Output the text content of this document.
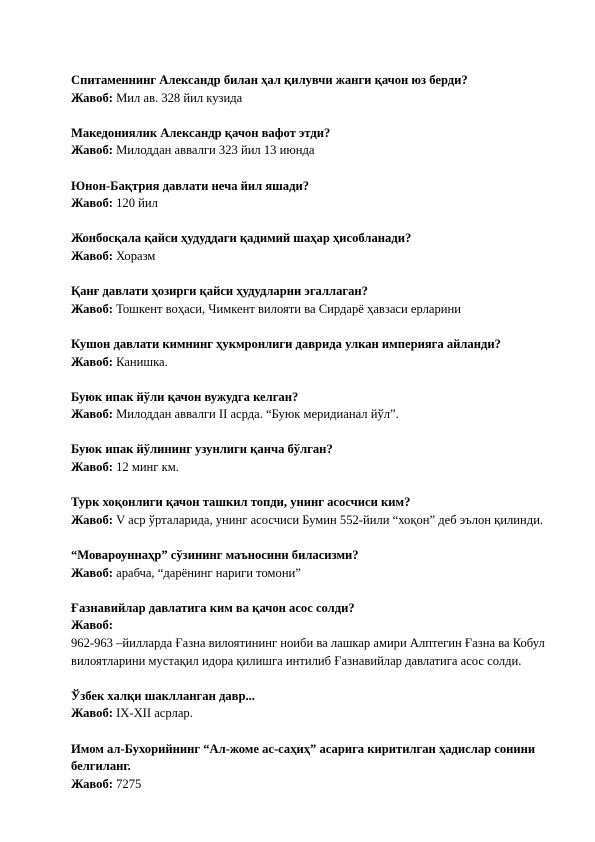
Спитаменнинг Александр билан ҳал қилувчи жанги қачон юз берди?
Жавоб: Мил ав. 328 йил кузида
Македониялик Александр қачон вафот этди?
Жавоб: Милоддан аввалги 323 йил 13 июнда
Юнон-Бақтрия давлати неча йил яшади?
Жавоб: 120 йил
Жонбосқала қайси ҳудуддаги қадимий шаҳар ҳисобланади?
Жавоб: Хоразм
Қанғ давлати ҳозирги қайси ҳудудларни эгаллаган?
Жавоб: Тошкент воҳаси, Чимкент вилояти ва Сирдарё ҳавзаси ерларини
Кушон давлати кимнинг ҳукмронлиги даврида улкан империяга айланди?
Жавоб: Канишка.
Буюк ипак йўли қачон вужудга келган?
Жавоб: Милоддан аввалги II асрда. “Буюк меридианал йўл”.
Буюк ипак йўлининг узунлиги қанча бўлган?
Жавоб: 12 минг км.
Турк хоқонлиги қачон ташкил топди, унинг асосчиси ким?
Жавоб: V аср ўрталарида, унинг асосчиси Бумин 552-йили “хоқон” деб эълон қилинди.
“Мовароуннаҳр” сўзининг маъносини биласизми?
Жавоб: арабча, “дарёнинг нариги томони”
Ғазнавийлар давлатига ким ва қачон асос солди?
Жавоб:
962-963 –йилларда Ғазна вилоятининг ноиби ва лашкар амири Алптегин Ғазна ва Кобул вилоятларини мустақил идора қилишга интилиб Ғазнавийлар давлатига асос солди.
Ўзбек халқи шаклланган давр...
Жавоб: IX-XII асрлар.
Имом ал-Бухорийнинг “Ал-жоме ас-саҳиҳ” асарига киритилган ҳадислар сонини белгиланг.
Жавоб: 7275
